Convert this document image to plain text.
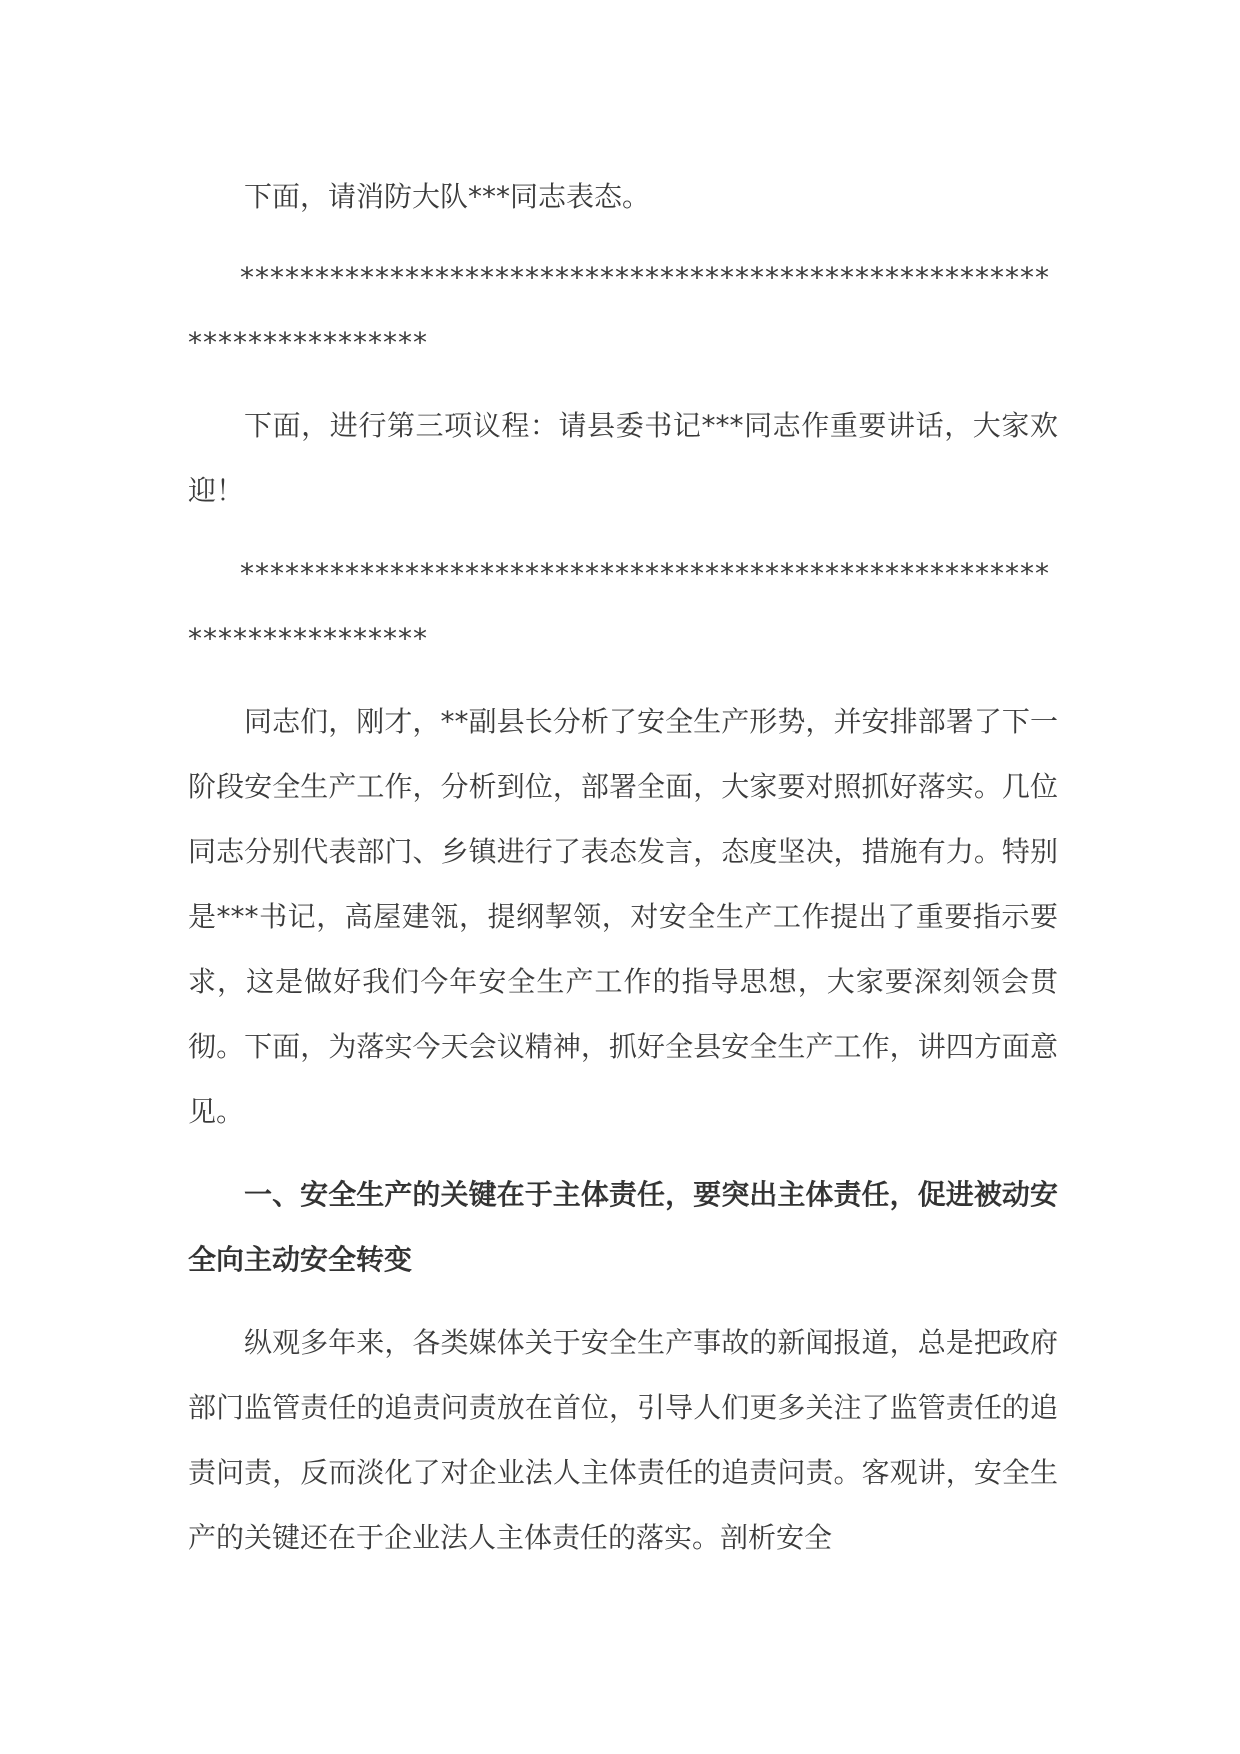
下面，请消防大队***同志表态。

**********************************************************************

下面，进行第三项议程：请县委书记***同志作重要讲话，大家欢迎！

**********************************************************************

同志们，刚才，**副县长分析了安全生产形势，并安排部署了下一阶段安全生产工作，分析到位，部署全面，大家要对照抓好落实。几位同志分别代表部门、乡镇进行了表态发言，态度坚决，措施有力。特别是***书记，高屋建瓴，提纲挈领，对安全生产工作提出了重要指示要求，这是做好我们今年安全生产工作的指导思想，大家要深刻领会贯彻。下面，为落实今天会议精神，抓好全县安全生产工作，讲四方面意见。

一、安全生产的关键在于主体责任，要突出主体责任，促进被动安全向主动安全转变

纵观多年来，各类媒体关于安全生产事故的新闻报道，总是把政府部门监管责任的追责问责放在首位，引导人们更多关注了监管责任的追责问责，反而淡化了对企业法人主体责任的追责问责。客观讲，安全生产的关键还在于企业法人主体责任的落实。剖析安全
